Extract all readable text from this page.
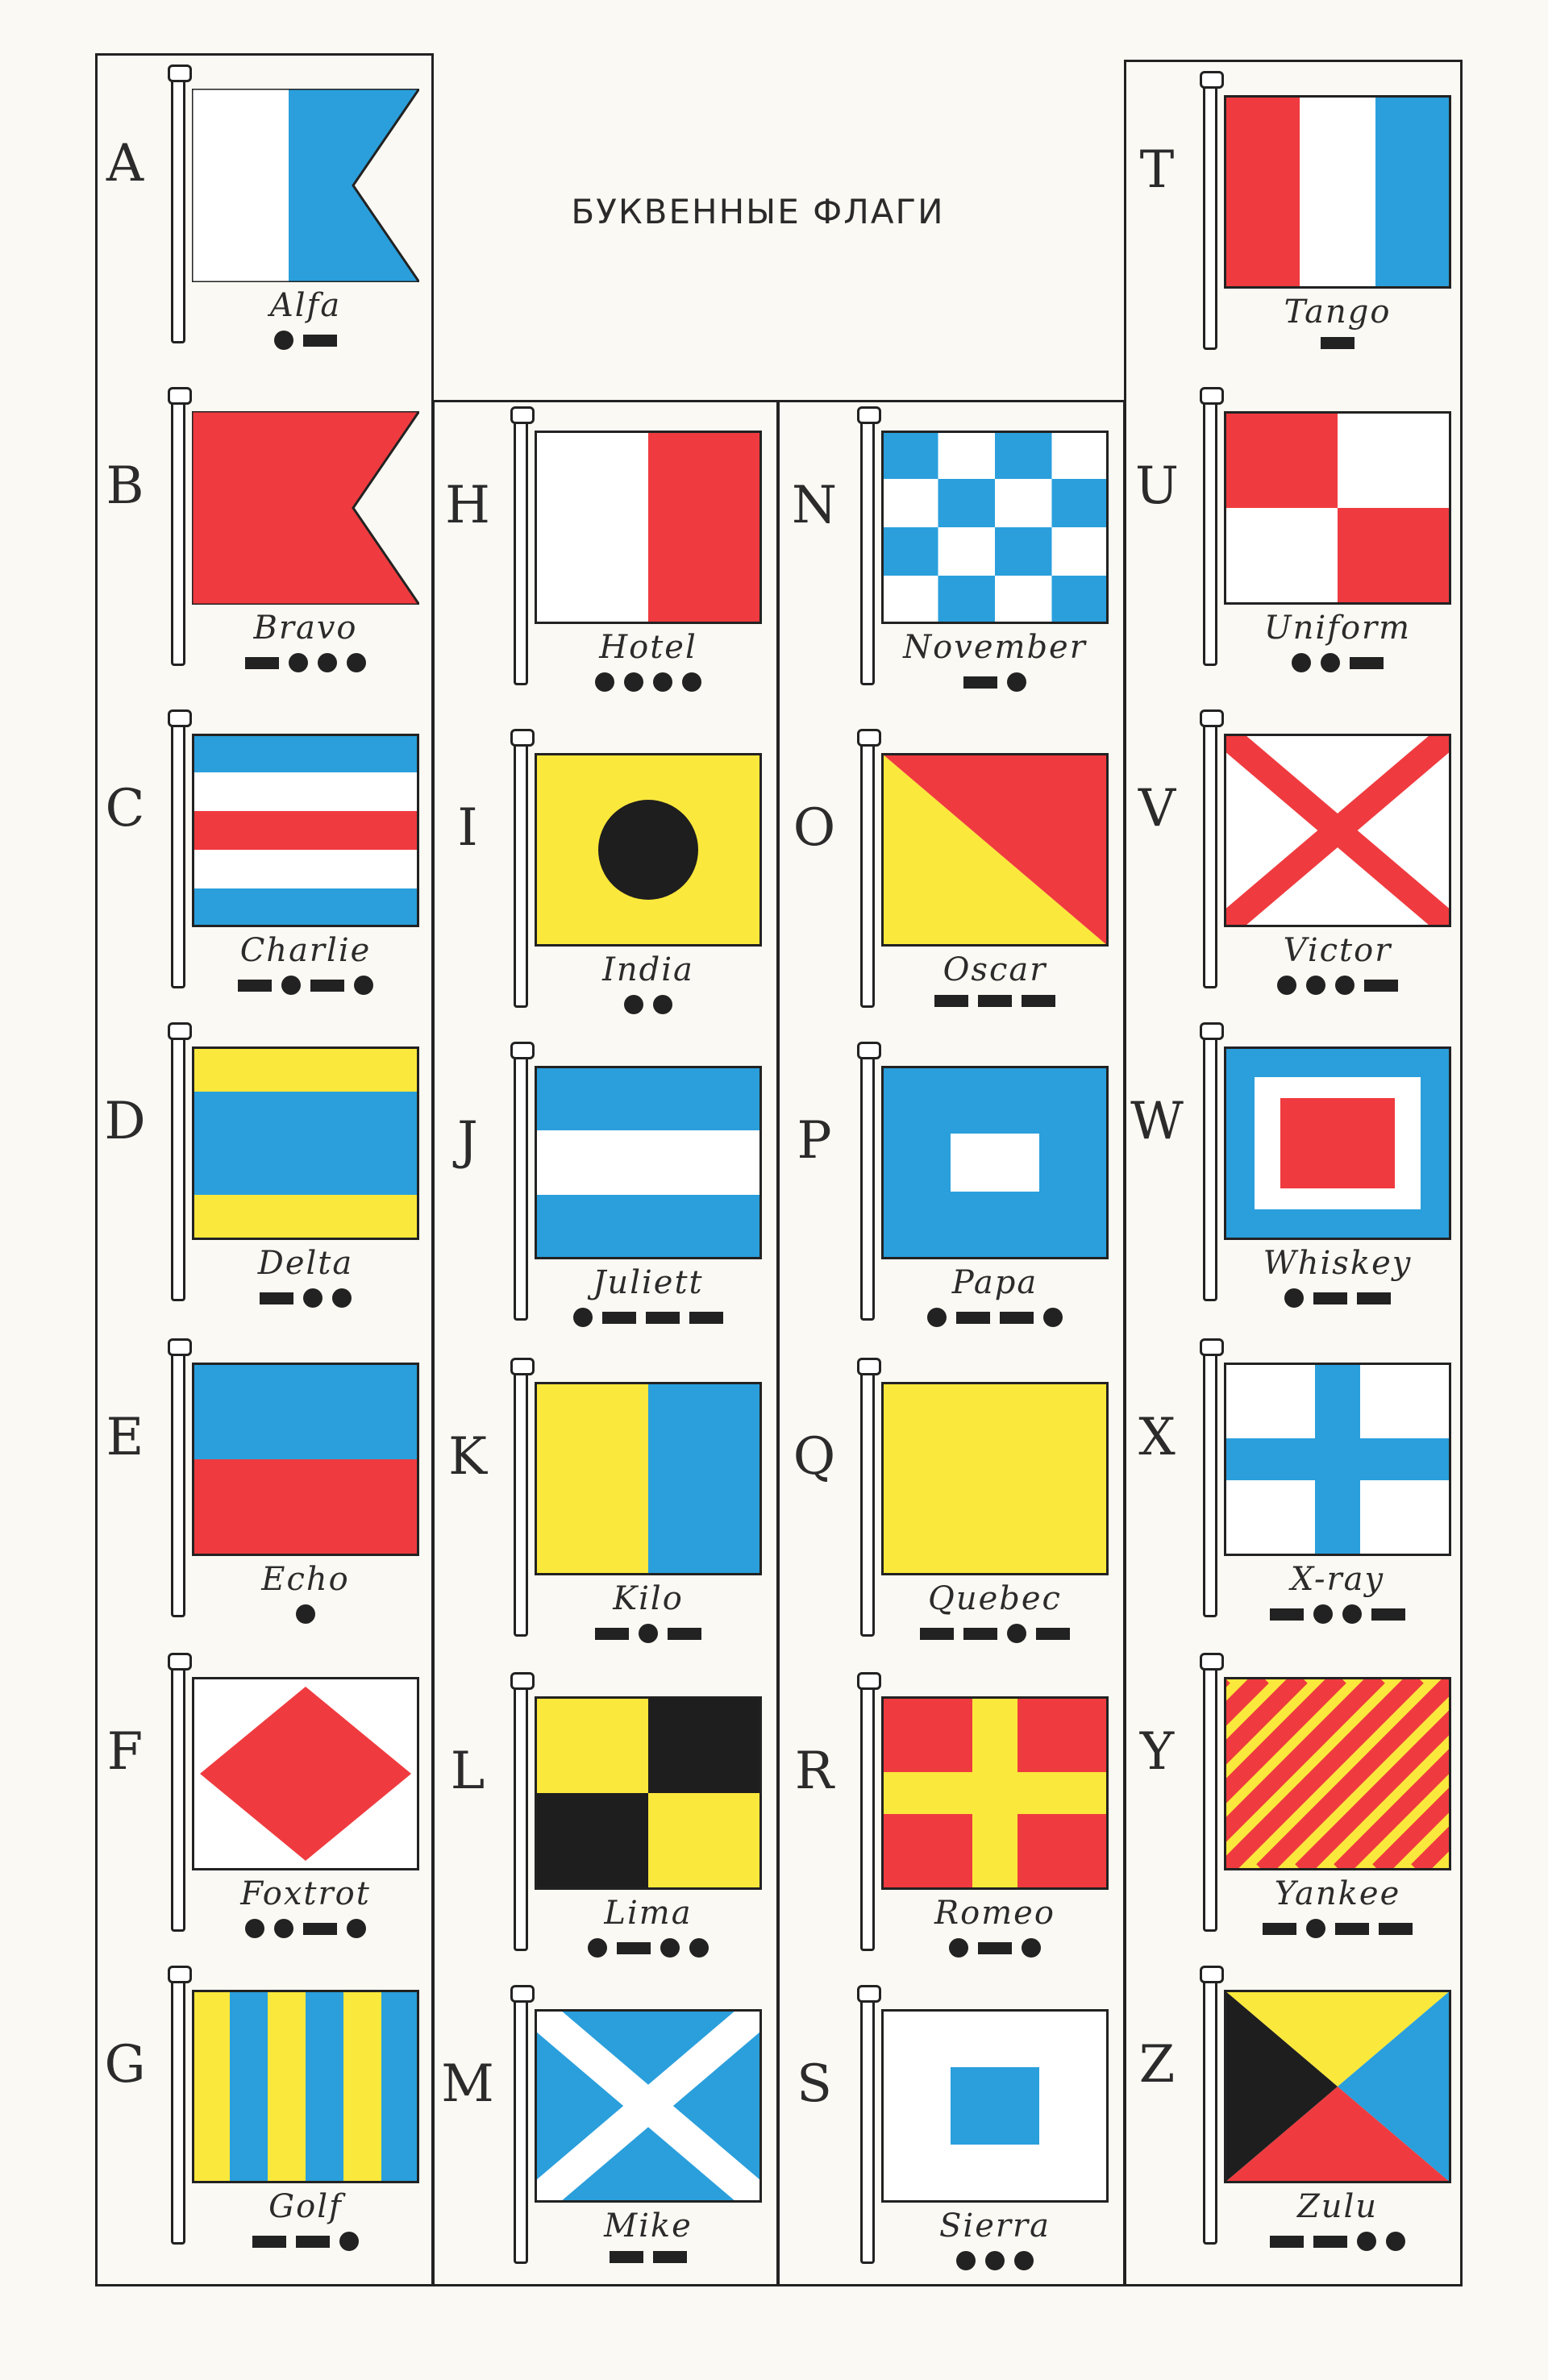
БУКВЕННЫЕ ФЛАГИ
A
Alfa
B
Bravo
C
Charlie
D
Delta
E
Echo
F
Foxtrot
G
Golf
H
Hotel
I
India
J
Juliett
K
Kilo
L
Lima
M
Mike
N
November
O
Oscar
P
Papa
Q
Quebec
R
Romeo
S
Sierra
T
Tango
U
Uniform
V
Victor
W
Whiskey
X
X-ray
Y
Yankee
Z
Zulu
